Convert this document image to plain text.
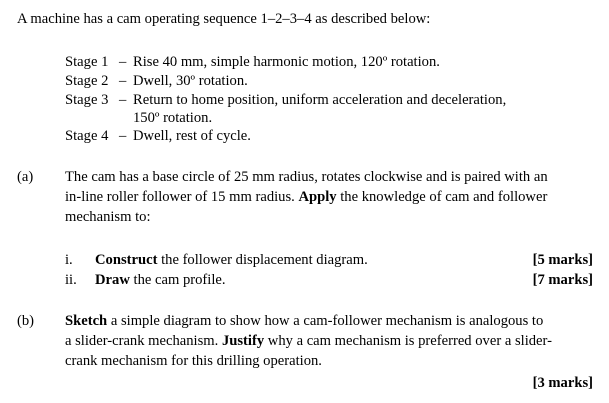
A machine has a cam operating sequence 1–2–3–4 as described below:
Stage 1 – Rise 40 mm, simple harmonic motion, 120º rotation.
Stage 2 – Dwell, 30º rotation.
Stage 3 – Return to home position, uniform acceleration and deceleration,
150º rotation.
Stage 4 – Dwell, rest of cycle.
(a) The cam has a base circle of 25 mm radius, rotates clockwise and is paired with an
in-line roller follower of 15 mm radius. Apply the knowledge of cam and follower
mechanism to:
i. Construct the follower displacement diagram.	[5 marks]
ii. Draw the cam profile.	[7 marks]
(b) Sketch a simple diagram to show how a cam-follower mechanism is analogous to
a slider-crank mechanism. Justify why a cam mechanism is preferred over a slider-
crank mechanism for this drilling operation.
[3 marks]
